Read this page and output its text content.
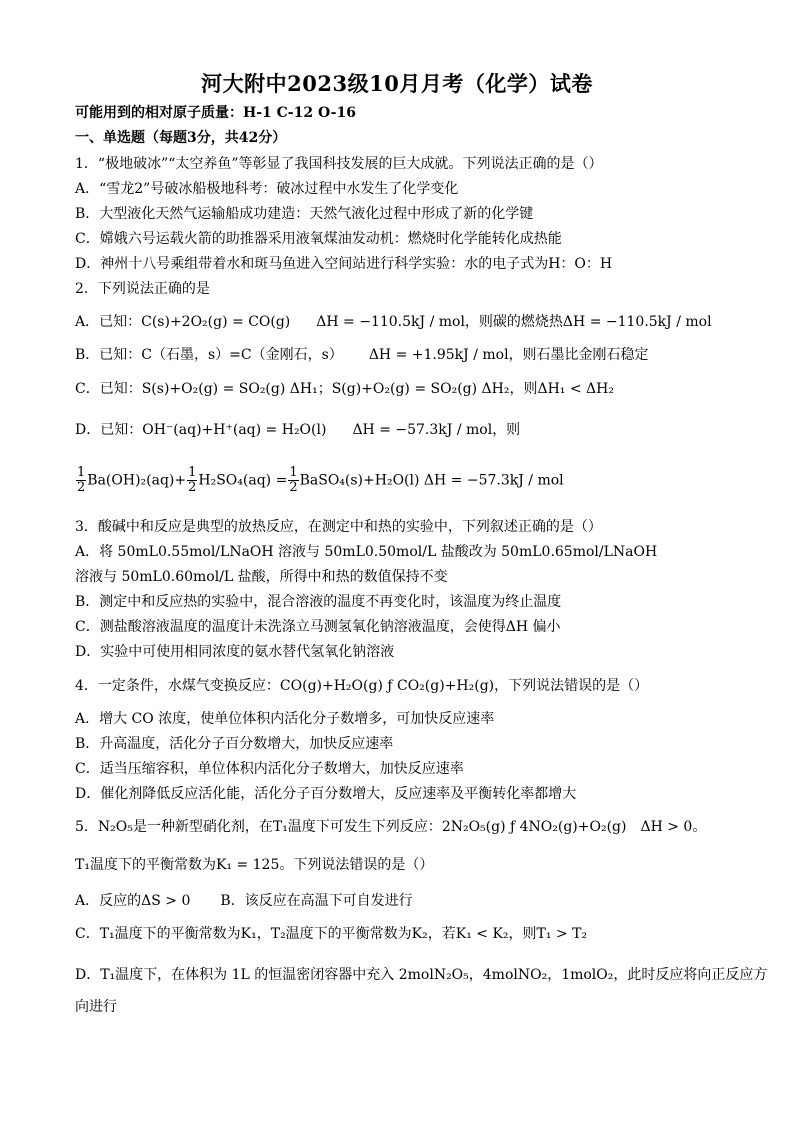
河大附中2023级10月月考（化学）试卷
可能用到的相对原子质量：H-1 C-12 O-16
一、单选题（每题3分，共42分）
1．“极地破冰”“太空养鱼”等彰显了我国科技发展的巨大成就。下列说法正确的是（）
A．“雪龙2”号破冰船极地科考：破冰过程中水发生了化学变化
B．大型液化天然气运输船成功建造：天然气液化过程中形成了新的化学键
C．嫦娥六号运载火箭的助推器采用液氧煤油发动机：燃烧时化学能转化成热能
D．神州十八号乘组带着水和斑马鱼进入空间站进行科学实验：水的电子式为H：O：H
2．下列说法正确的是
A．已知：C(s)+2O₂(g) = CO(g) ΔH = −110.5kJ / mol，则碳的燃烧热ΔH = −110.5kJ / mol
B．已知：C（石墨，s）=C（金刚石，s） ΔH = +1.95kJ / mol，则石墨比金刚石稳定
C．已知：S(s)+O₂(g) = SO₂(g) ΔH₁；S(g)+O₂(g) = SO₂(g) ΔH₂，则ΔH₁ < ΔH₂
D．已知：OH⁻(aq)+H⁺(aq) = H₂O(l) ΔH = −57.3kJ / mol，则
$\frac{1}{2} Ba(OH)_2(aq)+ \frac{1}{2} H_2SO_4(aq) = \frac{1}{2}$ BaSO₄(s)+H₂O(l) ΔH = −57.3kJ / mol
3．酸碱中和反应是典型的放热反应，在测定中和热的实验中，下列叙述正确的是（）
A．将 50mL0.55mol/LNaOH 溶液与 50mL0.50mol/L 盐酸改为 50mL0.65mol/LNaOH
溶液与 50mL0.60mol/L 盐酸，所得中和热的数值保持不变
B．测定中和反应热的实验中，混合溶液的温度不再变化时，该温度为终止温度
C．测盐酸溶液温度的温度计未洗涤立马测氢氧化钠溶液温度，会使得ΔH 偏小
D．实验中可使用相同浓度的氨水替代氢氧化钠溶液
4．一定条件，水煤气变换反应：CO(g)+H₂O(g) ƒ CO₂(g)+H₂(g)，下列说法错误的是（）
A．增大 CO 浓度，使单位体积内活化分子数增多，可加快反应速率
B．升高温度，活化分子百分数增大，加快反应速率
C．适当压缩容积，单位体积内活化分子数增大，加快反应速率
D．催化剂降低反应活化能，活化分子百分数增大，反应速率及平衡转化率都增大
5．N₂O₅是一种新型硝化剂，在T₁温度下可发生下列反应：2N₂O₅(g) ƒ 4NO₂(g)+O₂(g) ΔH > 0。
T₁温度下的平衡常数为K₁ = 125。下列说法错误的是（）
A．反应的ΔS > 0 B．该反应在高温下可自发进行
C．T₁温度下的平衡常数为K₁，T₂温度下的平衡常数为K₂，若K₁ < K₂，则T₁ > T₂
D．T₁温度下，在体积为 1L 的恒温密闭容器中充入 2molN₂O₅，4molNO₂，1molO₂，此时反应将向正反应方
向进行
